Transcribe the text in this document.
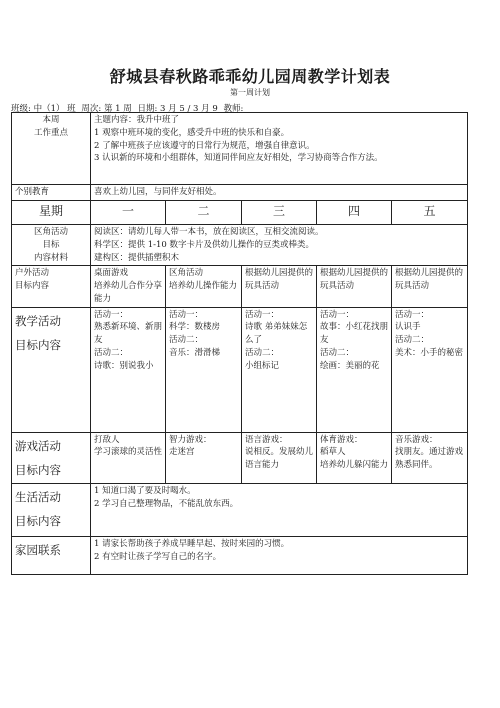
舒城县春秋路乖乖幼儿园周教学计划表
第一周计划
班级: 中（1） 班 周次: 第 1 周 日期: 3 月 5 / 3 月 9 教师:
本周
工作重点	主题内容：我升中班了
1 观察中班环境的变化，感受升中班的快乐和自豪。
2 了解中班孩子应该遵守的日常行为规范，增强自律意识。
3 认识新的环境和小组群体，知道同伴间应友好相处，学习协商等合作方法。				

个别教育	喜欢上幼儿园，与同伴友好相处。				
星期	一	二	三	四	五

区角活动
目标
内容材料	阅读区：请幼儿每人带一本书，放在阅读区，互相交流阅读。
科学区：提供 1-10 数字卡片及供幼儿操作的豆类或棒类。
建构区：提供插塑积木				

户外活动
目标内容	桌面游戏
培养幼儿合作分享能力	区角活动
培养幼儿操作能力	根据幼儿园提供的玩具活动	根据幼儿园提供的玩具活动	根据幼儿园提供的玩具活动

教学活动
目标内容	活动一：
熟悉新环境、新朋友
活动二：
诗歌：别说我小	活动一：
科学：数楼房
活动二：
音乐：滑滑梯	活动一：
诗歌 弟弟妹妹怎么了
活动二：
小组标记	活动一：
故事：小红花找朋友
活动二：
绘画：美丽的花	活动一：
认识手
活动二：
美术：小手的秘密

游戏活动
目标内容	打敌人
学习滚球的灵活性	智力游戏：
走迷宫	语言游戏：
说相反。发展幼儿语言能力	体育游戏：
稻草人
培养幼儿躲闪能力	音乐游戏：
找朋友。通过游戏熟悉同伴。

生活活动
目标内容	1 知道口渴了要及时喝水。
2 学习自己整理物品，不能乱放东西。				

家园联系	1 请家长帮助孩子养成早睡早起、按时来园的习惯。
2 有空时让孩子学写自己的名字。				
